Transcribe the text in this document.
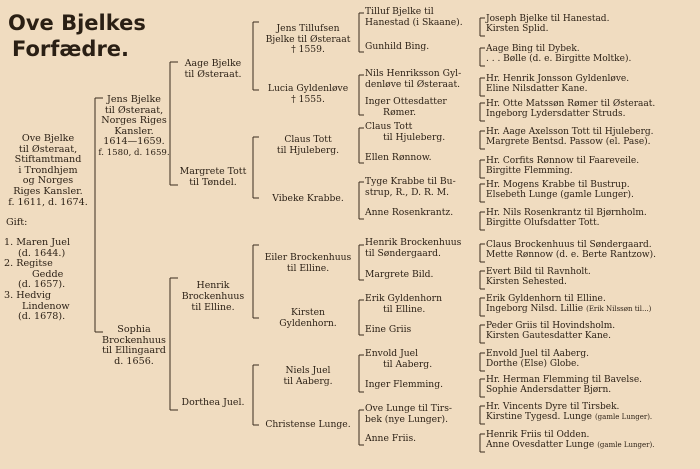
Ove Bjelkes
Forfædre.
Ove Bjelke
til Østeraat,
Stiftamtmand
i Trondhjem
og Norges
Riges Kansler.
f. 1611, d. 1674.
Gift:
1. Maren Juel
(d. 1644.)
2. Regitse
Gedde
(d. 1657).
3. Hedvig
Lindenow
(d. 1678).
Jens Bjelke
til Østeraat,
Norges Riges
Kansler.
1614—1659.
f. 1580, d. 1659.
Sophia
Brockenhuus
til Ellingaard
d. 1656.
Aage Bjelke
til Østeraat.
Margrete Tott
til Tøndel.
Henrik
Brockenhuus
til Elline.
Dorthea Juel.
Jens Tillufsen
Bjelke til Østeraat
† 1559.
Lucia Gyldenløve
† 1555.
Claus Tott
til Hjuleberg.
Vibeke Krabbe.
Eiler Brockenhuus
til Elline.
Kirsten
Gyldenhorn.
Niels Juel
til Aaberg.
Christense Lunge.
Tilluf Bjelke til
Hanestad (i Skaane).
Gunhild Bing.
Nils Henriksson Gyl-
denløve til Østeraat.
Inger Ottesdatter
Rømer.
Claus Tott
til Hjuleberg.
Ellen Rønnow.
Tyge Krabbe til Bu-
strup, R., D. R. M.
Anne Rosenkrantz.
Henrik Brockenhuus
til Søndergaard.
Margrete Bild.
Erik Gyldenhorn
til Elline.
Eine Griis
Envold Juel
til Aaberg.
Inger Flemming.
Ove Lunge til Tirs-
bek (nye Lunger).
Anne Friis.
Joseph Bjelke til Hanestad.
Kirsten Splid.
Aage Bing til Dybek.
. . . Bølle (d. e. Birgitte Moltke).
Hr. Henrik Jonsson Gyldenløve.
Eline Nilsdatter Kane.
Hr. Otte Matssøn Rømer til Østeraat.
Ingeborg Lydersdatter Struds.
Hr. Aage Axelsson Tott til Hjuleberg.
Margrete Bentsd. Passow (el. Pase).
Hr. Corfits Rønnow til Faareveile.
Birgitte Flemming.
Hr. Mogens Krabbe til Bustrup.
Elsebeth Lunge (gamle Lunger).
Hr. Nils Rosenkrantz til Bjørnholm.
Birgitte Olufsdatter Tott.
Claus Brockenhuus til Søndergaard.
Mette Rønnow (d. e. Berte Rantzow).
Evert Bild til Ravnholt.
Kirsten Sehested.
Erik Gyldenhorn til Elline.
Ingeborg Nilsd. Lillie (Erik Nilssøn til...)
Peder Griis til Hovindsholm.
Kirsten Gautesdatter Kane.
Envold Juel til Aaberg.
Dorthe (Else) Globe.
Hr. Herman Flemming til Bavelse.
Sophie Andersdatter Bjørn.
Hr. Vincents Dyre til Tirsbek.
Kirstine Tygesd. Lunge (gamle Lunger).
Henrik Friis til Odden.
Anne Ovesdatter Lunge (gamle Lunger).
